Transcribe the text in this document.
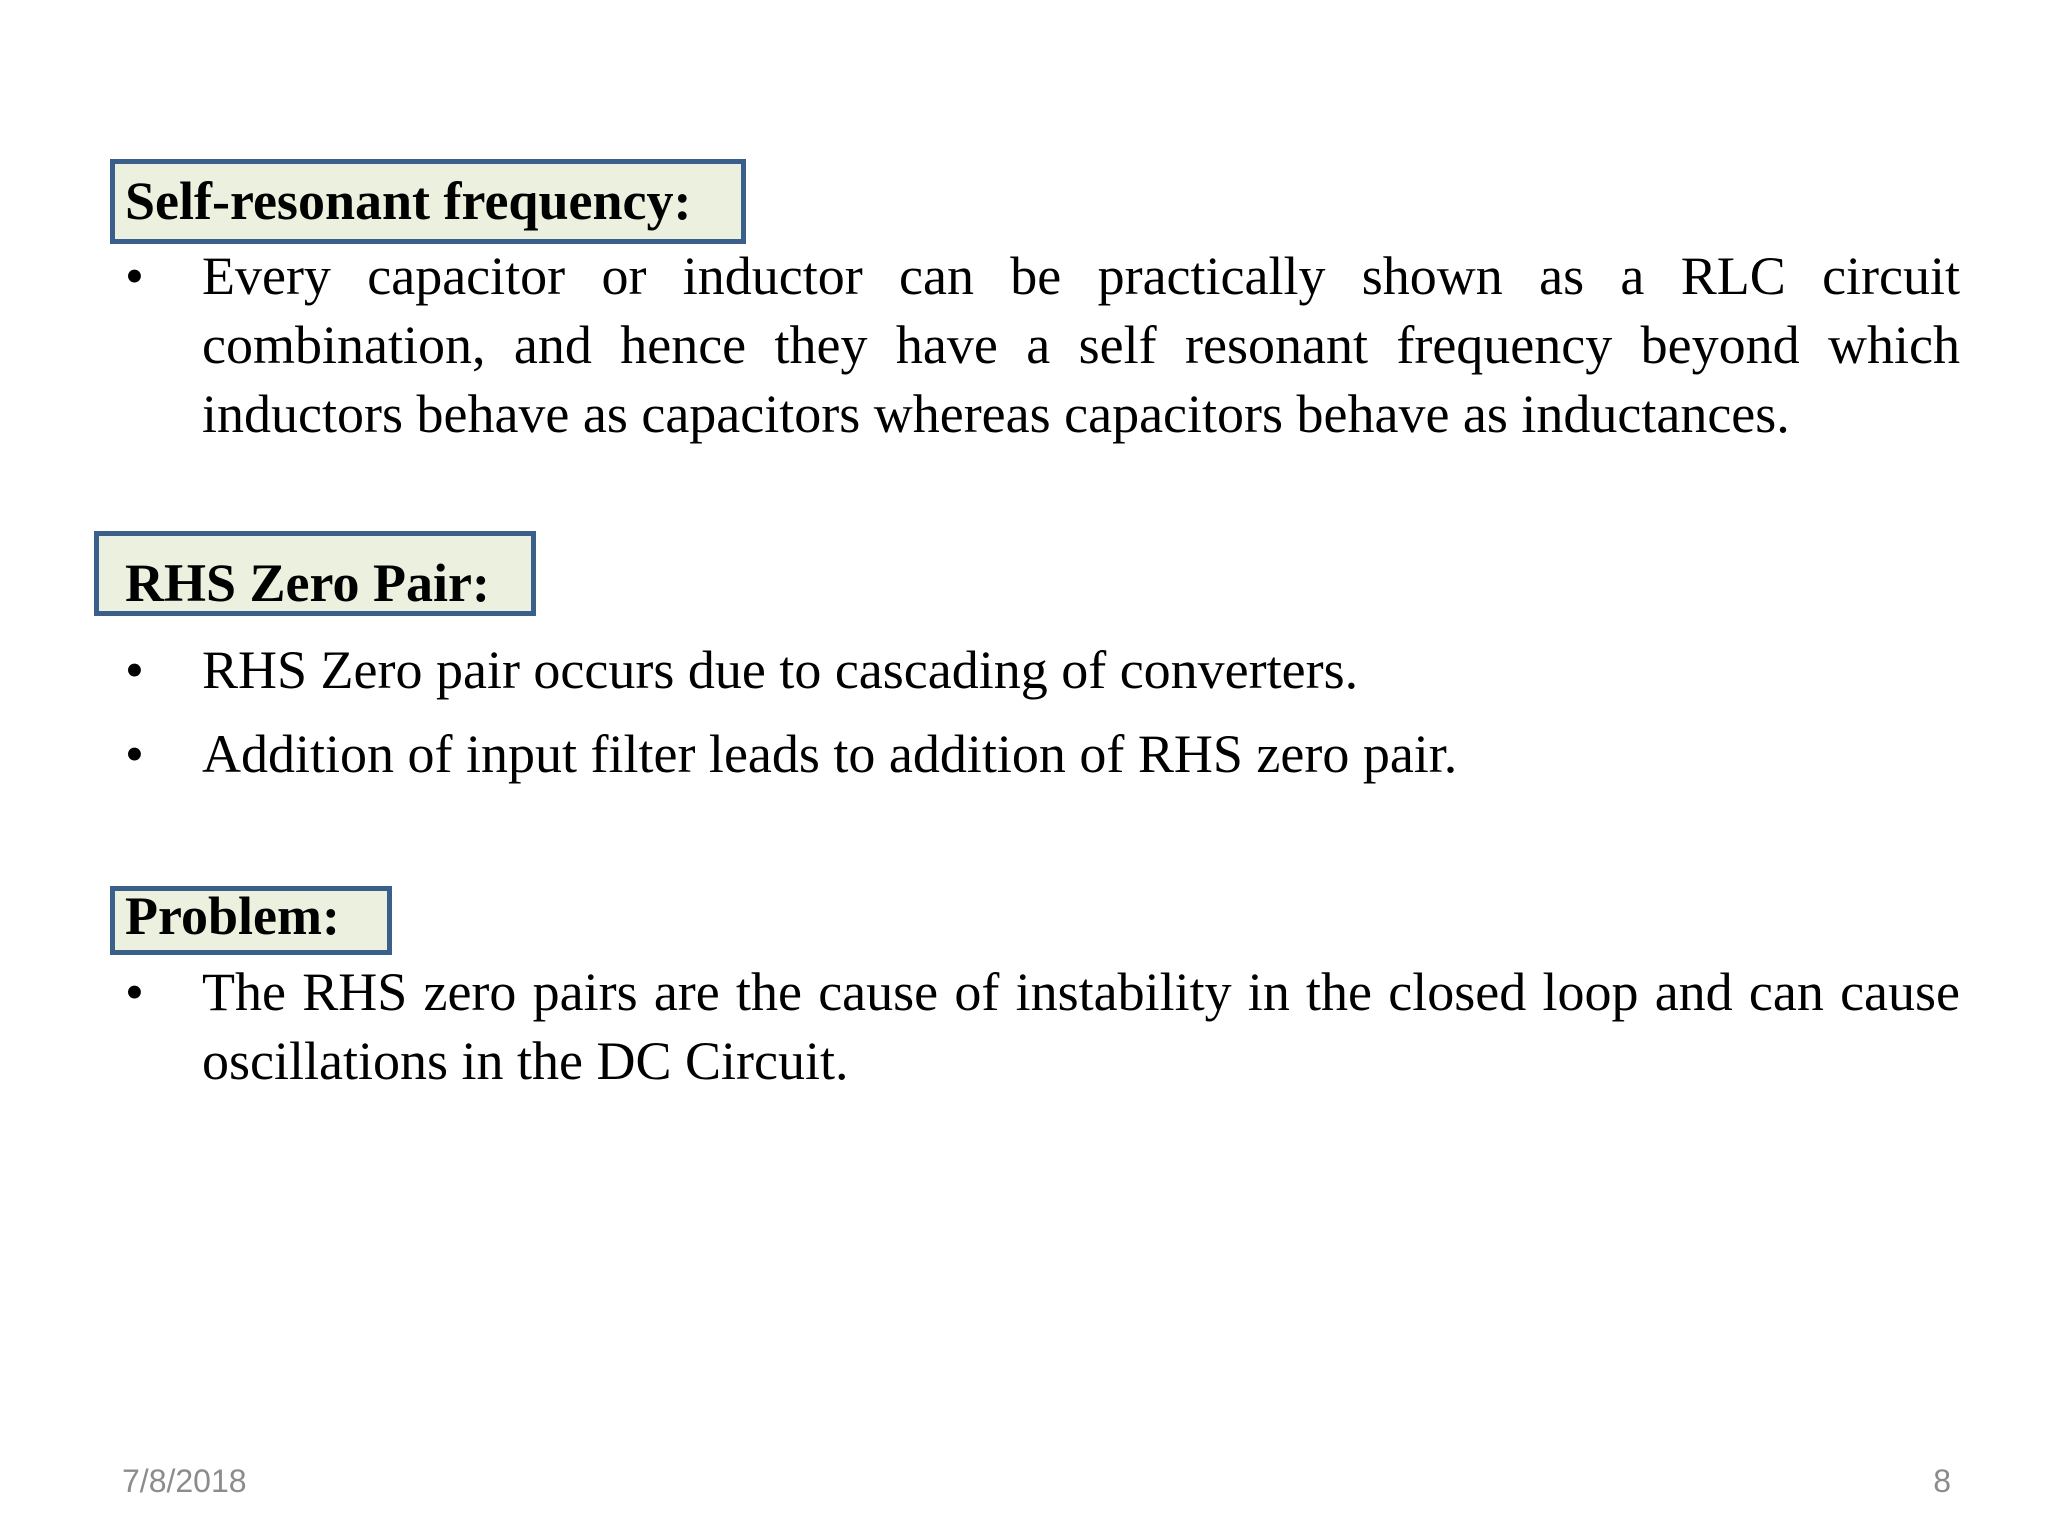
Self-resonant frequency:
• Every capacitor or inductor can be practically shown as a RLC circuit combination, and hence they have a self resonant frequency beyond which inductors behave as capacitors whereas capacitors behave as inductances.
RHS Zero Pair:
• RHS Zero pair occurs due to cascading of converters.
• Addition of input filter leads to addition of RHS zero pair.
Problem:
• The RHS zero pairs are the cause of instability in the closed loop and can cause oscillations in the DC Circuit.
7/8/2018	8
